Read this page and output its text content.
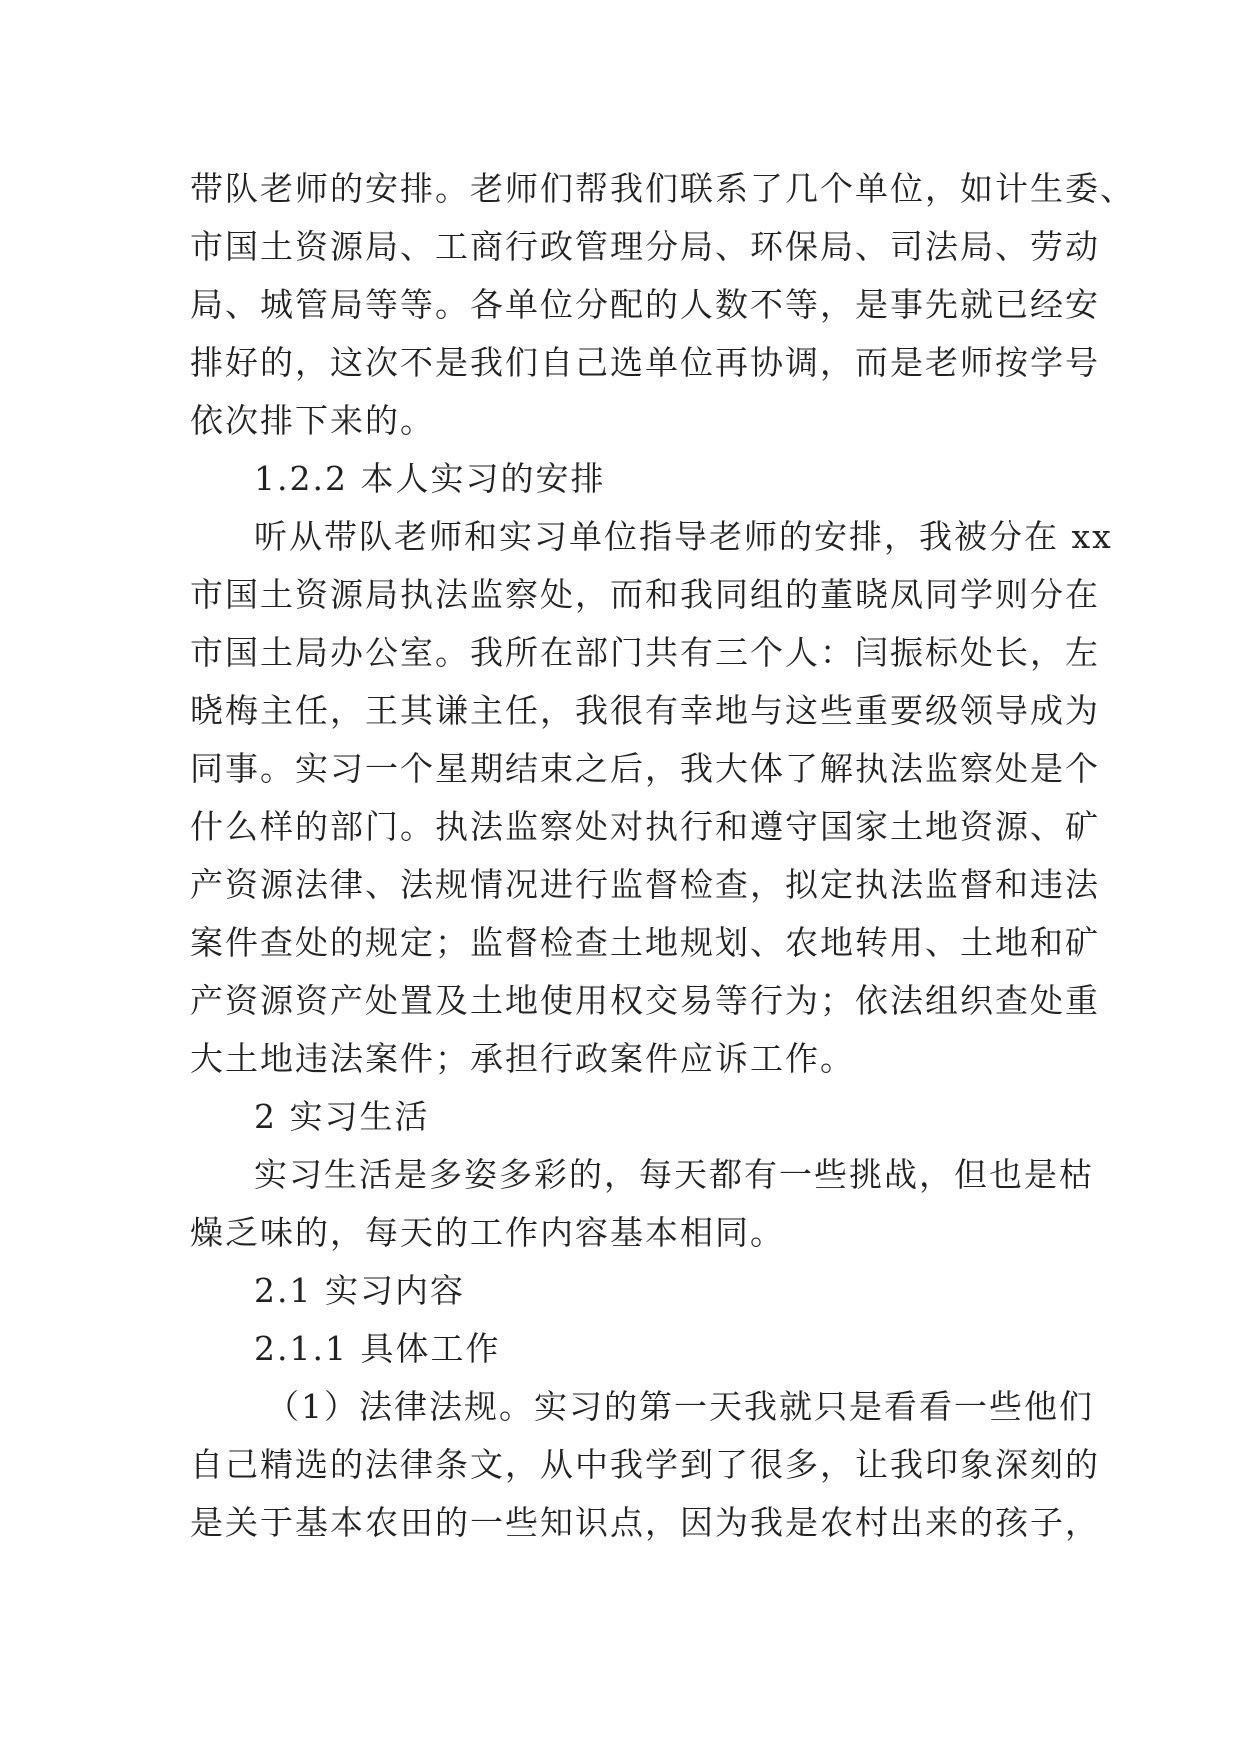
带队老师的安排。老师们帮我们联系了几个单位，如计生委、
市国土资源局、工商行政管理分局、环保局、司法局、劳动
局、城管局等等。各单位分配的人数不等，是事先就已经安
排好的，这次不是我们自己选单位再协调，而是老师按学号
依次排下来的。
1.2.2 本人实习的安排
听从带队老师和实习单位指导老师的安排，我被分在 xx
市国土资源局执法监察处，而和我同组的董晓凤同学则分在
市国土局办公室。我所在部门共有三个人：闫振标处长，左
晓梅主任，王其谦主任，我很有幸地与这些重要级领导成为
同事。实习一个星期结束之后，我大体了解执法监察处是个
什么样的部门。执法监察处对执行和遵守国家土地资源、矿
产资源法律、法规情况进行监督检查，拟定执法监督和违法
案件查处的规定；监督检查土地规划、农地转用、土地和矿
产资源资产处置及土地使用权交易等行为；依法组织查处重
大土地违法案件；承担行政案件应诉工作。
2 实习生活
实习生活是多姿多彩的，每天都有一些挑战，但也是枯
燥乏味的，每天的工作内容基本相同。
2.1 实习内容
2.1.1 具体工作
（1）法律法规。实习的第一天我就只是看看一些他们
自己精选的法律条文，从中我学到了很多，让我印象深刻的
是关于基本农田的一些知识点，因为我是农村出来的孩子，
